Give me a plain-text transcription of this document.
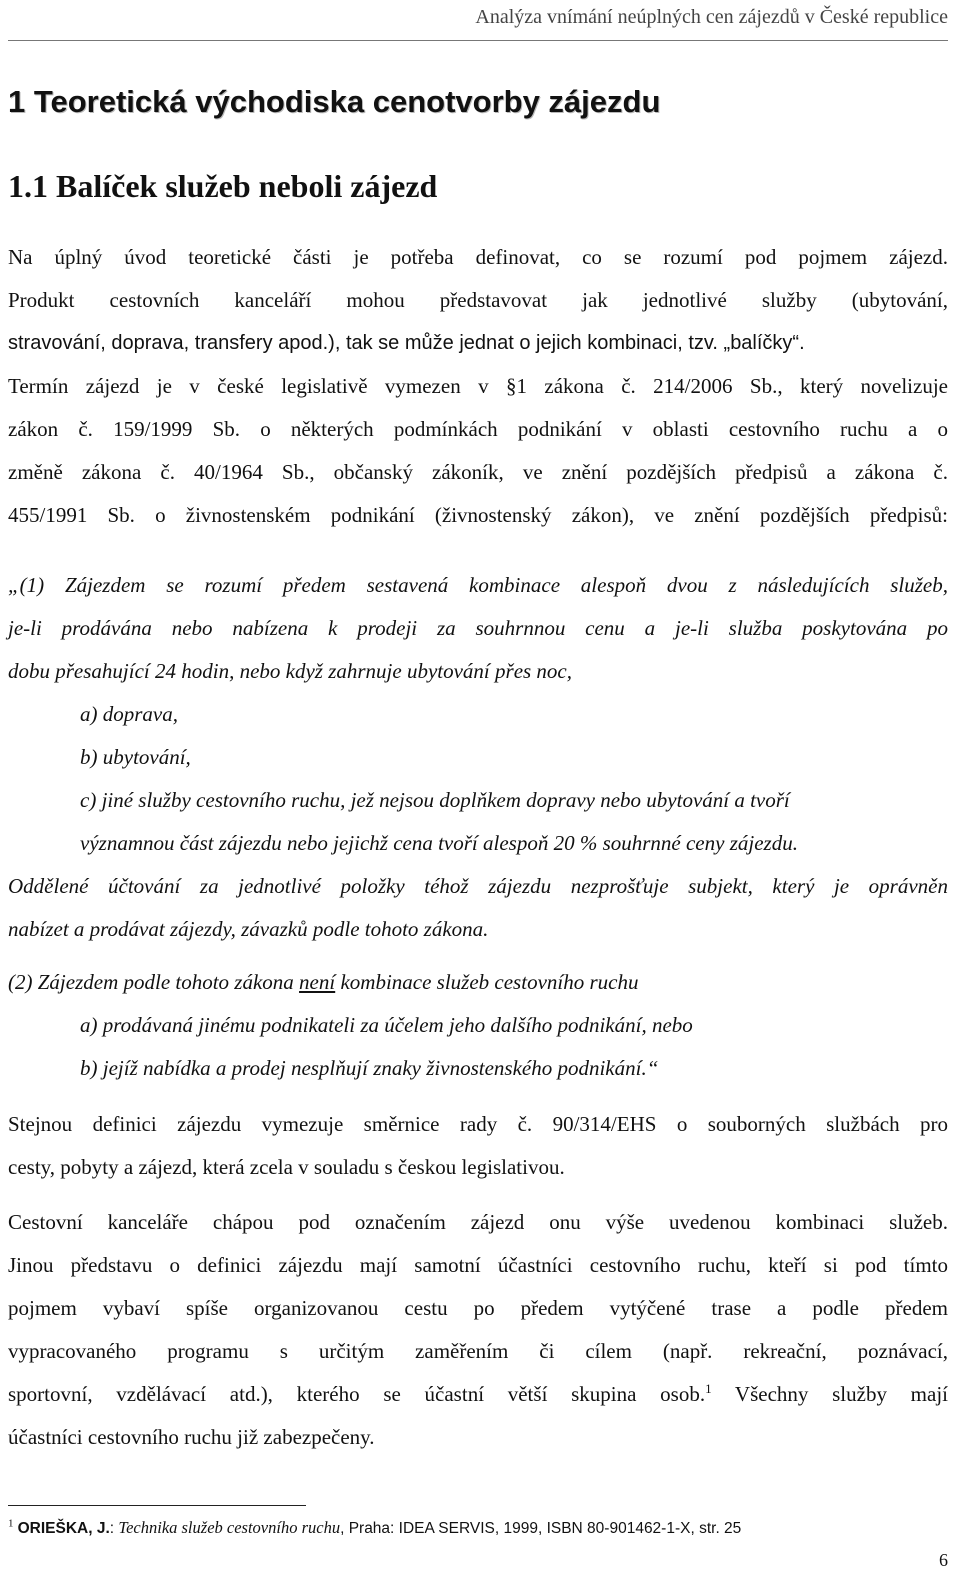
Analýza vnímání neúplných cen zájezdů v České republice
1 Teoretická východiska cenotvorby zájezdu
1.1 Balíček služeb neboli zájezd
Na úplný úvod teoretické části je potřeba definovat, co se rozumí pod pojmem zájezd.
Produkt cestovních kanceláří mohou představovat jak jednotlivé služby (ubytování,
stravování, doprava, transfery apod.), tak se může jednat o jejich kombinaci, tzv. „balíčky“.
Termín zájezd je v české legislativě vymezen v §1 zákona č. 214/2006 Sb., který novelizuje
zákon č. 159/1999 Sb. o některých podmínkách podnikání v oblasti cestovního ruchu a o
změně zákona č. 40/1964 Sb., občanský zákoník, ve znění pozdějších předpisů a zákona č.
455/1991 Sb. o živnostenském podnikání (živnostenský zákon), ve znění pozdějších předpisů:
„(1) Zájezdem se rozumí předem sestavená kombinace alespoň dvou z následujících služeb,
je-li prodávána nebo nabízena k prodeji za souhrnnou cenu a je-li služba poskytována po
dobu přesahující 24 hodin, nebo když zahrnuje ubytování přes noc,
a) doprava,
b) ubytování,
c) jiné služby cestovního ruchu, jež nejsou doplňkem dopravy nebo ubytování a tvoří
významnou část zájezdu nebo jejichž cena tvoří alespoň 20 % souhrnné ceny zájezdu.
Oddělené účtování za jednotlivé položky téhož zájezdu nezprošťuje subjekt, který je oprávněn
nabízet a prodávat zájezdy, závazků podle tohoto zákona.
(2) Zájezdem podle tohoto zákona není kombinace služeb cestovního ruchu
a) prodávaná jinému podnikateli za účelem jeho dalšího podnikání, nebo
b) jejíž nabídka a prodej nesplňují znaky živnostenského podnikání.“
Stejnou definici zájezdu vymezuje směrnice rady č. 90/314/EHS o souborných službách pro
cesty, pobyty a zájezd, která zcela v souladu s českou legislativou.
Cestovní kanceláře chápou pod označením zájezd onu výše uvedenou kombinaci služeb.
Jinou představu o definici zájezdu mají samotní účastníci cestovního ruchu, kteří si pod tímto
pojmem vybaví spíše organizovanou cestu po předem vytýčené trase a podle předem
vypracovaného programu s určitým zaměřením či cílem (např. rekreační, poznávací,
sportovní, vzdělávací atd.), kterého se účastní větší skupina osob.$^1$ Všechny služby mají
účastníci cestovního ruchu již zabezpečeny.
$^1$ ORIEŠKA, J.: Technika služeb cestovního ruchu, Praha: IDEA SERVIS, 1999, ISBN 80-901462-1-X, str. 25
6
